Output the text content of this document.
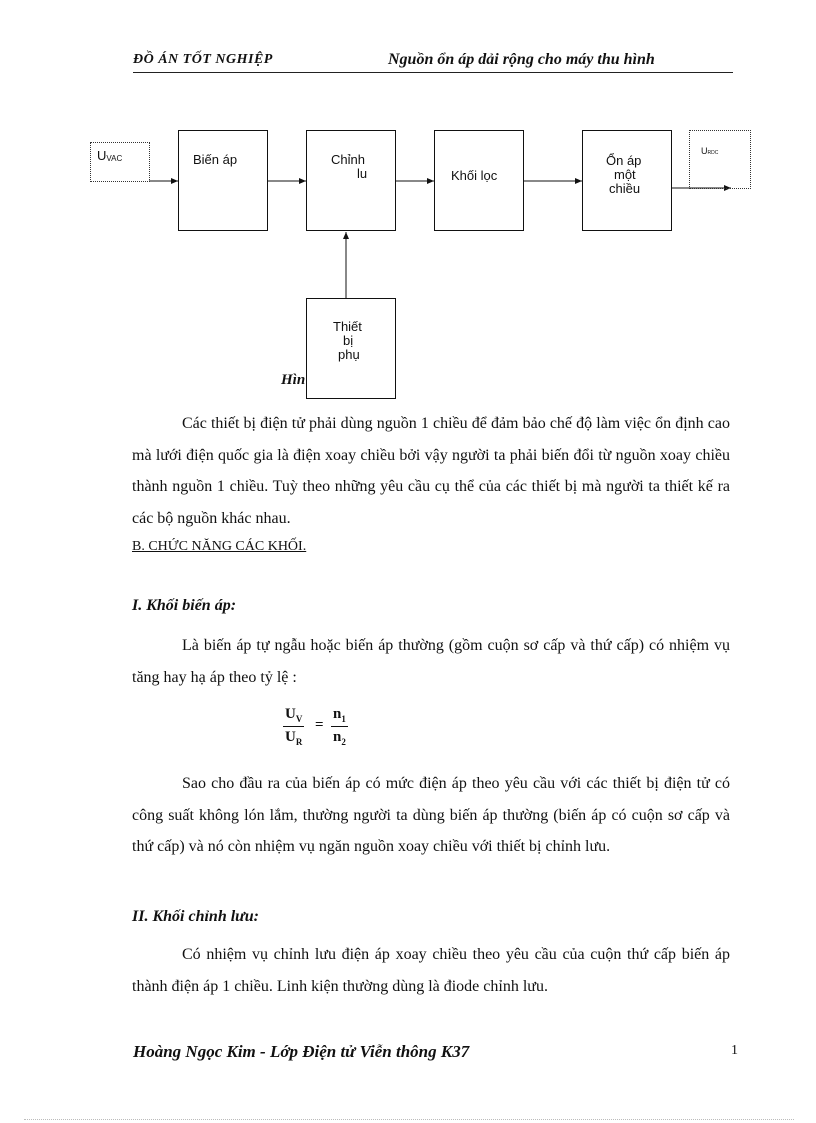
ĐỒ ÁN TỐT NGHIỆP	Nguồn ổn áp dải rộng cho máy thu hình
$U_{VAC}$	Biến áp	Chỉnh
lu	Khối lọc
Ổn áp
một
chiều
URDC
Thiết
bị
phụ
Hìn

Các thiết bị điện tử phải dùng nguồn 1 chiều để đảm bảo chế độ làm việc ổn định cao mà lưới điện quốc gia là điện xoay chiều bởi vậy người ta phải biến đổi từ nguồn xoay chiều thành nguồn 1 chiều. Tuỳ theo những yêu cầu cụ thể của các thiết bị mà người ta thiết kế ra các bộ nguồn khác nhau.

B. CHỨC NĂNG CÁC KHỐI.
I. Khối biến áp:

Là biến áp tự ngẫu hoặc biến áp thường (gồm cuộn sơ cấp và thứ cấp) có nhiệm vụ tăng hay hạ áp theo tỷ lệ :

$U_V$
$U_R$
=
$n_1$
$n_2$

Sao cho đầu ra của biến áp có mức điện áp theo yêu cầu với các thiết bị điện tử có công suất không lón lắm, thường người ta dùng biến áp thường (biến áp có cuộn sơ cấp và thứ cấp) và nó còn nhiệm vụ ngăn nguồn xoay chiều với thiết bị chỉnh lưu.

II. Khối chỉnh lưu:

Có nhiệm vụ chỉnh lưu điện áp xoay chiều theo yêu cầu của cuộn thứ cấp biến áp thành điện áp 1 chiều. Linh kiện thường dùng là điode chỉnh lưu.

Hoàng Ngọc Kim - Lớp Điện tử Viễn thông K37	1
